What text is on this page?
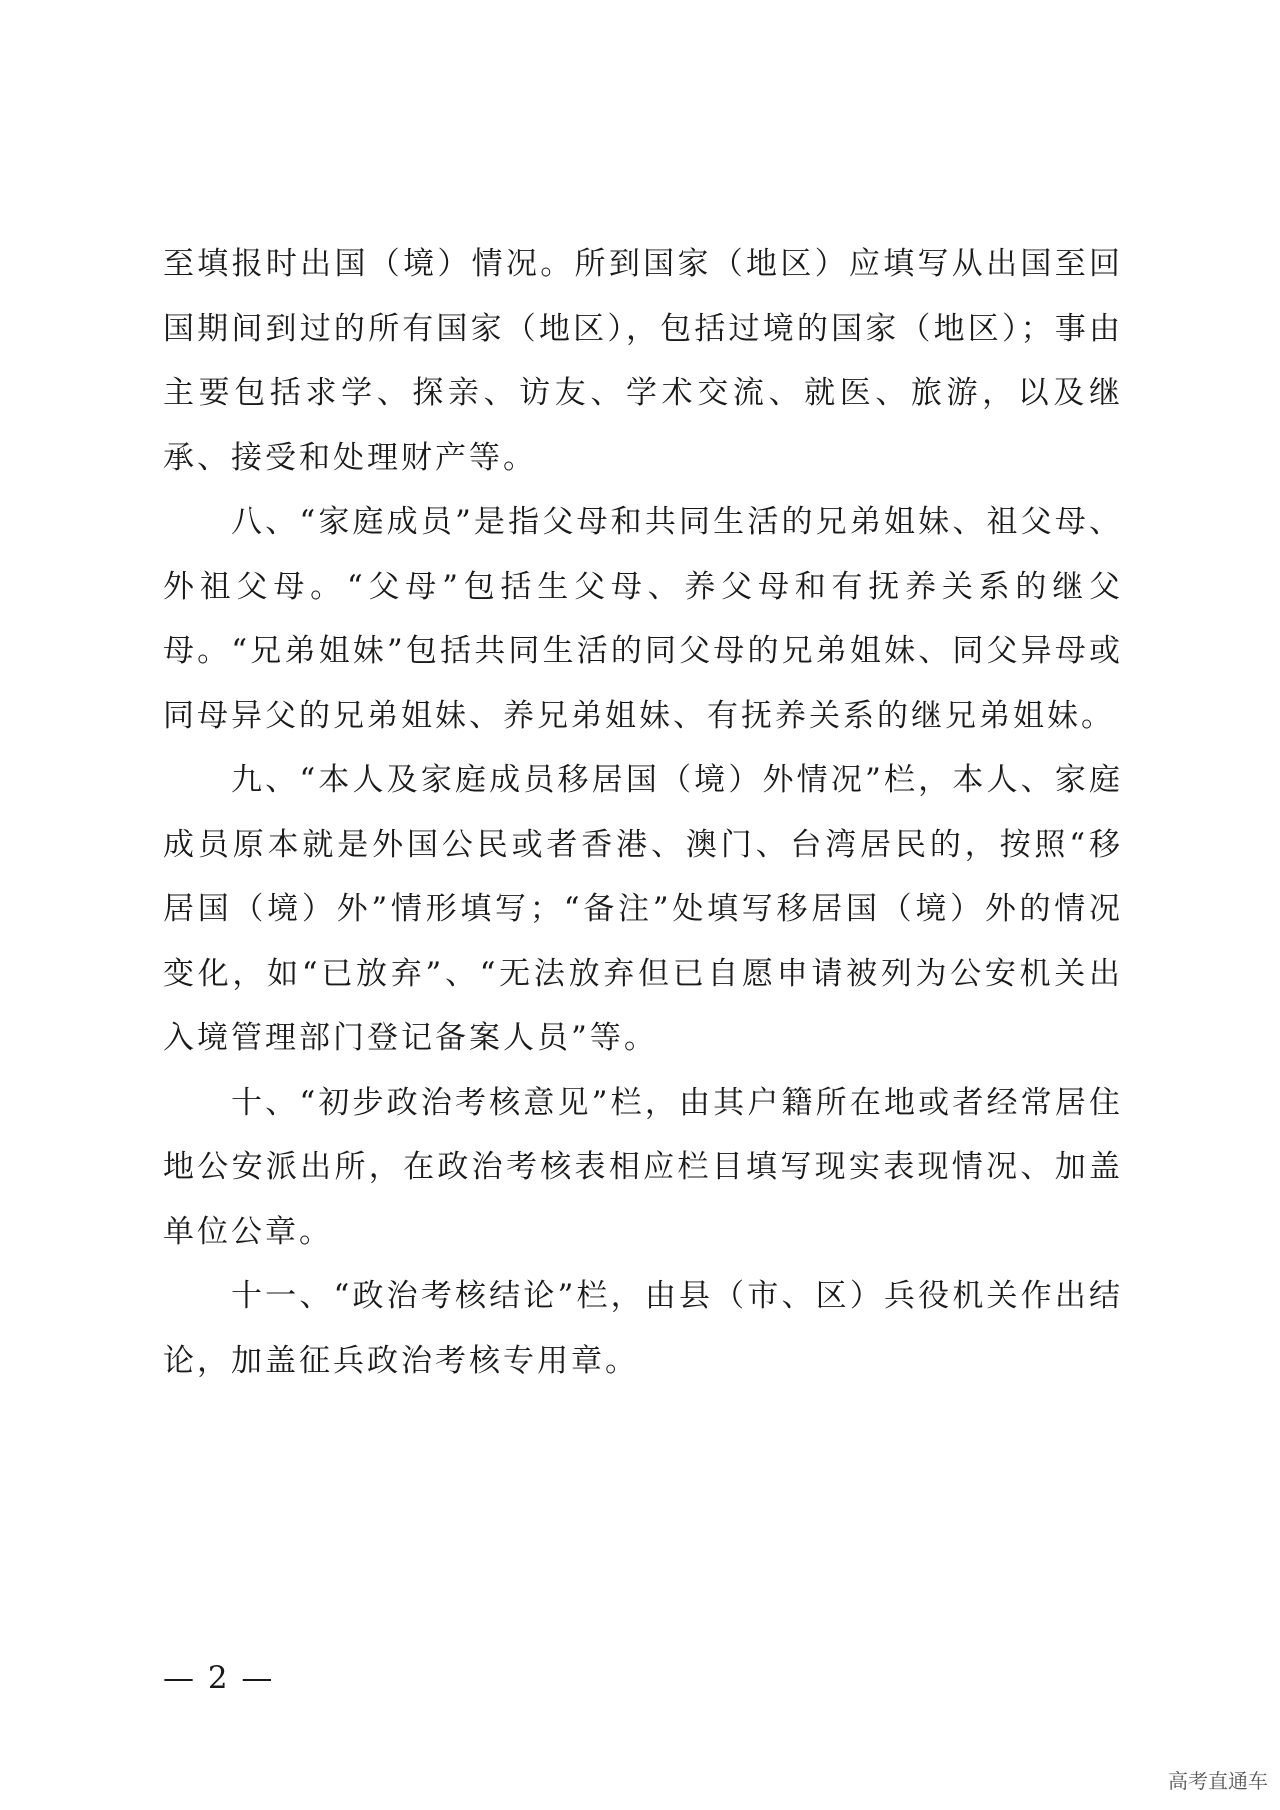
至填报时出国（境）情况。所到国家（地区）应填写从出国至回国期间到过的所有国家（地区），包括过境的国家（地区）；事由主要包括求学、探亲、访友、学术交流、就医、旅游，以及继承、接受和处理财产等。

八、“家庭成员”是指父母和共同生活的兄弟姐妹、祖父母、外祖父母。“父母”包括生父母、养父母和有抚养关系的继父母。“兄弟姐妹”包括共同生活的同父母的兄弟姐妹、同父异母或同母异父的兄弟姐妹、养兄弟姐妹、有抚养关系的继兄弟姐妹。

九、“本人及家庭成员移居国（境）外情况”栏，本人、家庭成员原本就是外国公民或者香港、澳门、台湾居民的，按照“移居国（境）外”情形填写；“备注”处填写移居国（境）外的情况变化，如“已放弃”、“无法放弃但已自愿申请被列为公安机关出入境管理部门登记备案人员”等。

十、“初步政治考核意见”栏，由其户籍所在地或者经常居住地公安派出所，在政治考核表相应栏目填写现实表现情况、加盖单位公章。

十一、“政治考核结论”栏，由县（市、区）兵役机关作出结论，加盖征兵政治考核专用章。

— 2 —
高考直通车
